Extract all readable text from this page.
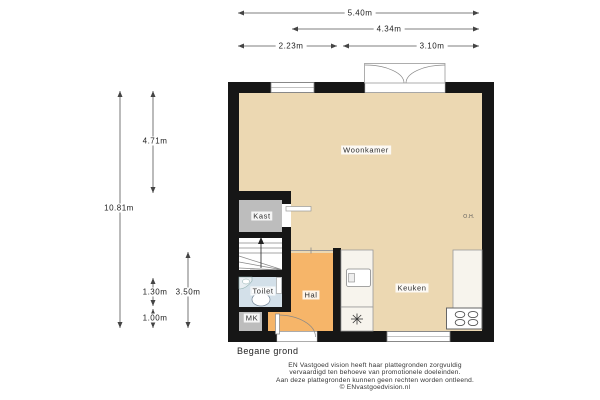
5.40m
4.34m
2.23m	3.10m
10.81m
4.71m
1.30m	3.50m
1.00m
Woonkamer
Kast
Toilet	Hal
Keuken
MK
O.H.
Begane grond
EN Vastgoed vision heeft haar plattegronden zorgvuldig
vervaardigd ten behoeve van promotionele doeleinden.
Aan deze plattegronden kunnen geen rechten worden ontleend.
© ENvastgoedvision.nl
